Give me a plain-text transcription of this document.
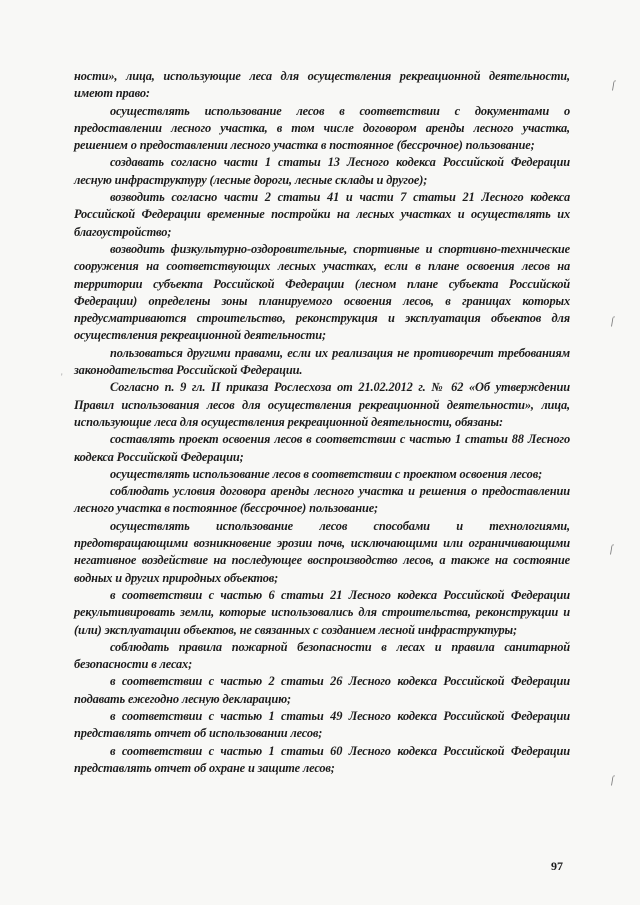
ности», лица, использующие леса для осуществления рекреационной деятельности, имеют право:

осуществлять использование лесов в соответствии с документами о предоставлении лесного участка, в том числе договором аренды лесного участка, решением о предоставлении лесного участка в постоянное (бессрочное) пользование;

создавать согласно части 1 статьи 13 Лесного кодекса Российской Федерации лесную инфраструктуру (лесные дороги, лесные склады и другое);

возводить согласно части 2 статьи 41 и части 7 статьи 21 Лесного кодекса Российской Федерации временные постройки на лесных участках и осуществлять их благоустройство;

возводить физкультурно-оздоровительные, спортивные и спортивно-технические сооружения на соответствующих лесных участках, если в плане освоения лесов на территории субъекта Российской Федерации (лесном плане субъекта Российской Федерации) определены зоны планируемого освоения лесов, в границах которых предусматриваются строительство, реконструкция и эксплуатация объектов для осуществления рекреационной деятельности;

пользоваться другими правами, если их реализация не противоречит требованиям законодательства Российской Федерации.

Согласно п. 9 гл. II приказа Рослесхоза от 21.02.2012 г. № 62 «Об утверждении Правил использования лесов для осуществления рекреационной деятельности», лица, использующие леса для осуществления рекреационной деятельности, обязаны:

составлять проект освоения лесов в соответствии с частью 1 статьи 88 Лесного кодекса Российской Федерации;

осуществлять использование лесов в соответствии с проектом освоения лесов;

соблюдать условия договора аренды лесного участка и решения о предоставлении лесного участка в постоянное (бессрочное) пользование;

осуществлять использование лесов способами и технологиями, предотвращающими возникновение эрозии почв, исключающими или ограничивающими негативное воздействие на последующее воспроизводство лесов, а также на состояние водных и других природных объектов;

в соответствии с частью 6 статьи 21 Лесного кодекса Российской Федерации рекультивировать земли, которые использовались для строительства, реконструкции и (или) эксплуатации объектов, не связанных с созданием лесной инфраструктуры;

соблюдать правила пожарной безопасности в лесах и правила санитарной безопасности в лесах;

в соответствии с частью 2 статьи 26 Лесного кодекса Российской Федерации подавать ежегодно лесную декларацию;

в соответствии с частью 1 статьи 49 Лесного кодекса Российской Федерации представлять отчет об использовании лесов;

в соответствии с частью 1 статьи 60 Лесного кодекса Российской Федерации представлять отчет об охране и защите лесов;

ſ
ſ
ſ
ſ
'
97
